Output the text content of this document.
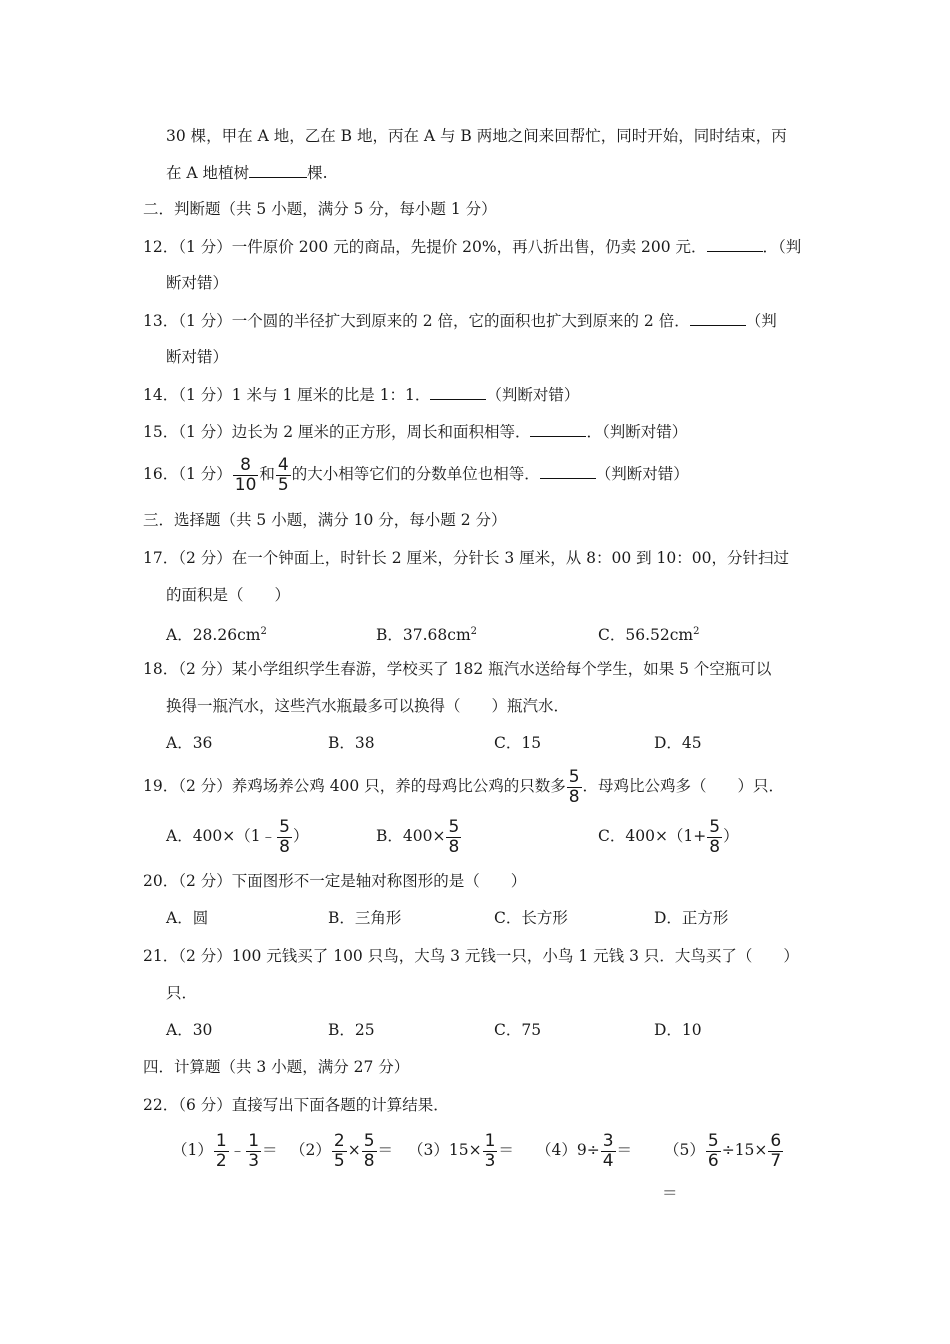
30 棵，甲在 A 地，乙在 B 地，丙在 A 与 B 两地之间来回帮忙，同时开始，同时结束，丙
在 A 地植树	棵.
二．判断题（共 5 小题，满分 5 分，每小题 1 分）
12．（1 分）一件原价 200 元的商品，先提价 20%，再八折出售，仍卖 200 元．	．（判
断对错）
13．（1 分）一个圆的半径扩大到原来的 2 倍，它的面积也扩大到原来的 2 倍．	（判
断对错）
14．（1 分）1 米与 1 厘米的比是 1：1．	（判断对错）
15．（1 分）边长为 2 厘米的正方形，周长和面积相等．	．（判断对错）
16．（1 分） $\frac{8}{10}$ 和 $\frac{4}{5}$ 的大小相等它们的分数单位也相等．	（判断对错）
三．选择题（共 5 小题，满分 10 分，每小题 2 分）
17．（2 分）在一个钟面上，时针长 2 厘米，分针长 3 厘米，从 8：00 到 10：00，分针扫过
的面积是（　　）
A．$28.26cm^2$	B．$37.68cm^2$	C．$56.52cm^2$
18．（2 分）某小学组织学生春游，学校买了 182 瓶汽水送给每个学生，如果 5 个空瓶可以
换得一瓶汽水，这些汽水瓶最多可以换得（　　）瓶汽水．
A．36	B．38	C．15	D．45
19．（2 分）养鸡场养公鸡 400 只，养的母鸡比公鸡的只数多 $\frac{5}{8}$ ．母鸡比公鸡多（　　）只．
A．400×（1﹣ $\frac{5}{8}$ ）	B．$400\times \frac{5}{8}$	C．$400\times(1+ \frac{5}{8}$ ）
20．（2 分）下面图形不一定是轴对称图形的是（　　）
A．圆	B．三角形	C．长方形	D．正方形
21．（2 分）100 元钱买了 100 只鸟，大鸟 3 元钱一只，小鸟 1 元钱 3 只．大鸟买了（　　）
只．
A．30	B．25	C．75	D．10
四．计算题（共 3 小题，满分 27 分）
22．（6 分）直接写出下面各题的计算结果．
$(1) \frac{1}{2}$ ﹣ $\frac{1}{3} = (2) \frac{2}{5} \times \frac{5}{8} = (3)15\times \frac{1}{3} = (4)9\div \frac{3}{4} = (5) \frac{5}{6} \div 15\times \frac{6}{7}$
＝
